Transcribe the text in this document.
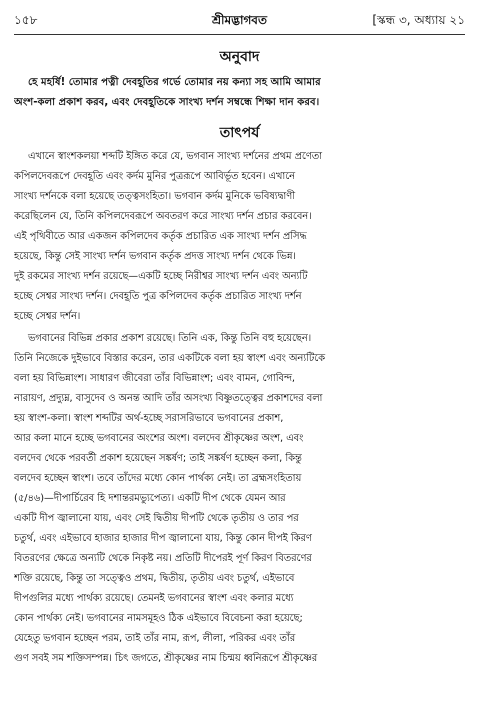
১৫৮	শ্রীমদ্ভাগবত	[স্কন্ধ ৩, অধ্যায় ২১
অনুবাদ
হে মহর্ষি! তোমার পত্নী দেবহূতির গর্ভে তোমার নয় কন্যা সহ আমি আমার
অংশ-কলা প্রকাশ করব, এবং দেবহূতিকে সাংখ্য দর্শন সম্বন্ধে শিক্ষা দান করব।
তাৎপর্য
এখানে স্বাংশকলয়া শব্দটি ইঙ্গিত করে যে, ভগবান সাংখ্য দর্শনের প্রথম প্রণেতা
কপিলদেবরূপে দেবহূতি এবং কর্দম মুনির পুত্ররূপে আবির্ভূত হবেন। এখানে
সাংখ্য দর্শনকে বলা হয়েছে তত্ত্বসংহিতা। ভগবান কর্দম মুনিকে ভবিষ্যদ্বাণী
করেছিলেন যে, তিনি কপিলদেবরূপে অবতরণ করে সাংখ্য দর্শন প্রচার করবেন।
এই পৃথিবীতে আর একজন কপিলদেব কর্তৃক প্রচারিত এক সাংখ্য দর্শন প্রসিদ্ধ
হয়েছে, কিন্তু সেই সাংখ্য দর্শন ভগবান কর্তৃক প্রদত্ত সাংখ্য দর্শন থেকে ভিন্ন।
দুই রকমের সাংখ্য দর্শন রয়েছে—একটি হচ্ছে নিরীশ্বর সাংখ্য দর্শন এবং অন্যটি
হচ্ছে সেশ্বর সাংখ্য দর্শন। দেবহূতি পুত্র কপিলদেব কর্তৃক প্রচারিত সাংখ্য দর্শন
হচ্ছে সেশ্বর দর্শন।
ভগবানের বিভিন্ন প্রকার প্রকাশ রয়েছে। তিনি এক, কিন্তু তিনি বহু হয়েছেন।
তিনি নিজেকে দুইভাবে বিস্তার করেন, তার একটিকে বলা হয় স্বাংশ এবং অন্যটিকে
বলা হয় বিভিন্নাংশ। সাধারণ জীবেরা তাঁর বিভিন্নাংশ; এবং বামন, গোবিন্দ,
নারায়ণ, প্রদ্যুম্ন, বাসুদেব ও অনন্ত আদি তাঁর অসংখ্য বিষ্ণুতত্ত্বের প্রকাশদের বলা
হয় স্বাংশ-কলা। স্বাংশ শব্দটির অর্থ-হচ্ছে সরাসরিভাবে ভগবানের প্রকাশ,
আর কলা মানে হচ্ছে ভগবানের অংশের অংশ। বলদেব শ্রীকৃষ্ণের অংশ, এবং
বলদেব থেকে পরবর্তী প্রকাশ হয়েছেন সঙ্কর্ষণ; তাই সঙ্কর্ষণ হচ্ছেন কলা, কিন্তু
বলদেব হচ্ছেন স্বাংশ। তবে তাঁদের মধ্যে কোন পার্থক্য নেই। তা ব্রহ্মসংহিতায়
(৫/৪৬)—দীপার্চিরেব হি দশান্তরমভ্যুপেত্য। একটি দীপ থেকে যেমন আর
একটি দীপ জ্বালানো যায়, এবং সেই দ্বিতীয় দীপটি থেকে তৃতীয় ও তার পর
চতুর্থ, এবং এইভাবে হাজার হাজার দীপ জ্বালানো যায়, কিন্তু কোন দীপই কিরণ
বিতরণের ক্ষেত্রে অন্যটি থেকে নিকৃষ্ট নয়। প্রতিটি দীপেরই পূর্ণ কিরণ বিতরণের
শক্তি রয়েছে, কিন্তু তা সত্ত্বেও প্রথম, দ্বিতীয়, তৃতীয় এবং চতুর্থ, এইভাবে
দীপগুলির মধ্যে পার্থক্য রয়েছে। তেমনই ভগবানের স্বাংশ এবং কলার মধ্যে
কোন পার্থক্য নেই। ভগবানের নামসমূহও ঠিক এইভাবে বিবেচনা করা হয়েছে;
যেহেতু ভগবান হচ্ছেন পরম, তাই তাঁর নাম, রূপ, লীলা, পরিকর এবং তাঁর
গুণ সবই সম শক্তিসম্পন্ন। চিৎ জগতে, শ্রীকৃষ্ণের নাম চিন্ময় ধ্বনিরূপে শ্রীকৃষ্ণের
